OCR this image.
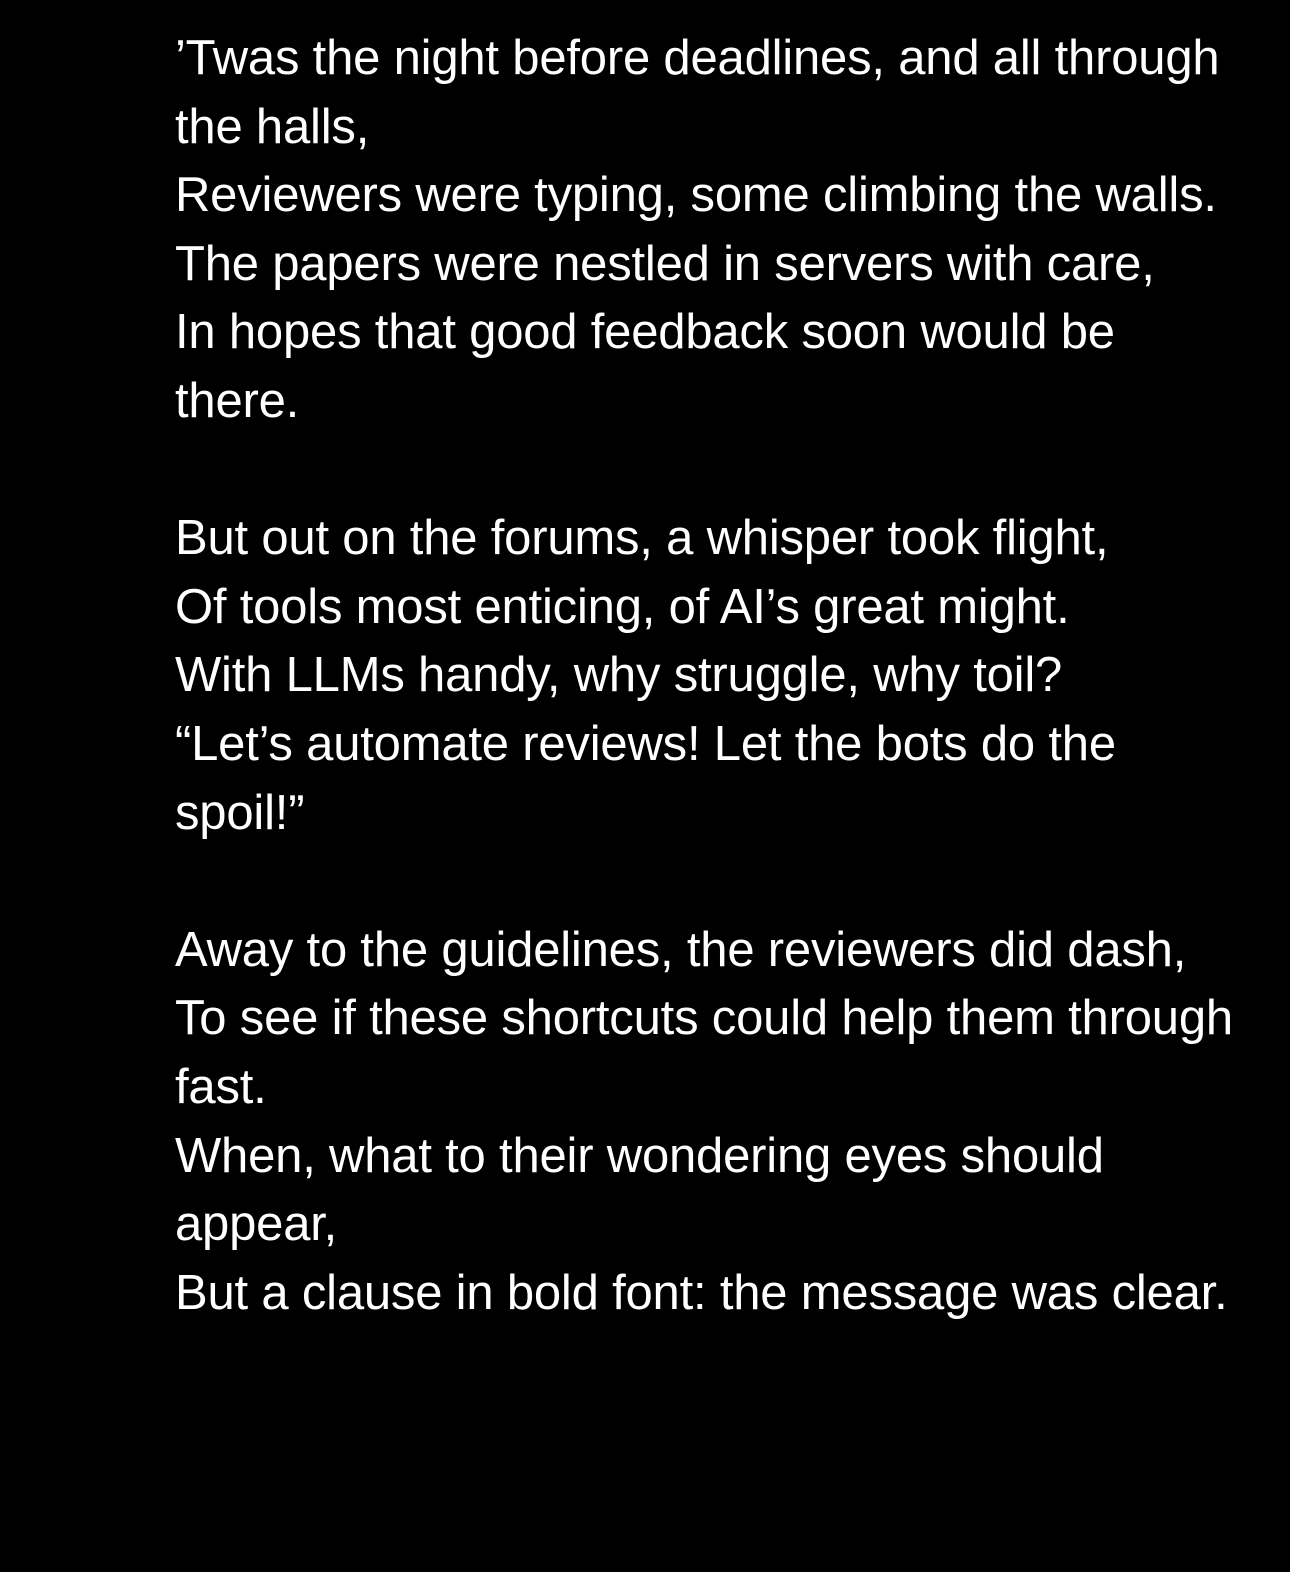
’Twas the night before deadlines, and all through the halls,
Reviewers were typing, some climbing the walls.
The papers were nestled in servers with care,
In hopes that good feedback soon would be there.
But out on the forums, a whisper took flight,
Of tools most enticing, of AI’s great might.
With LLMs handy, why struggle, why toil?
“Let’s automate reviews! Let the bots do the spoil!”
Away to the guidelines, the reviewers did dash,
To see if these shortcuts could help them through fast.
When, what to their wondering eyes should appear,
But a clause in bold font: the message was clear.
